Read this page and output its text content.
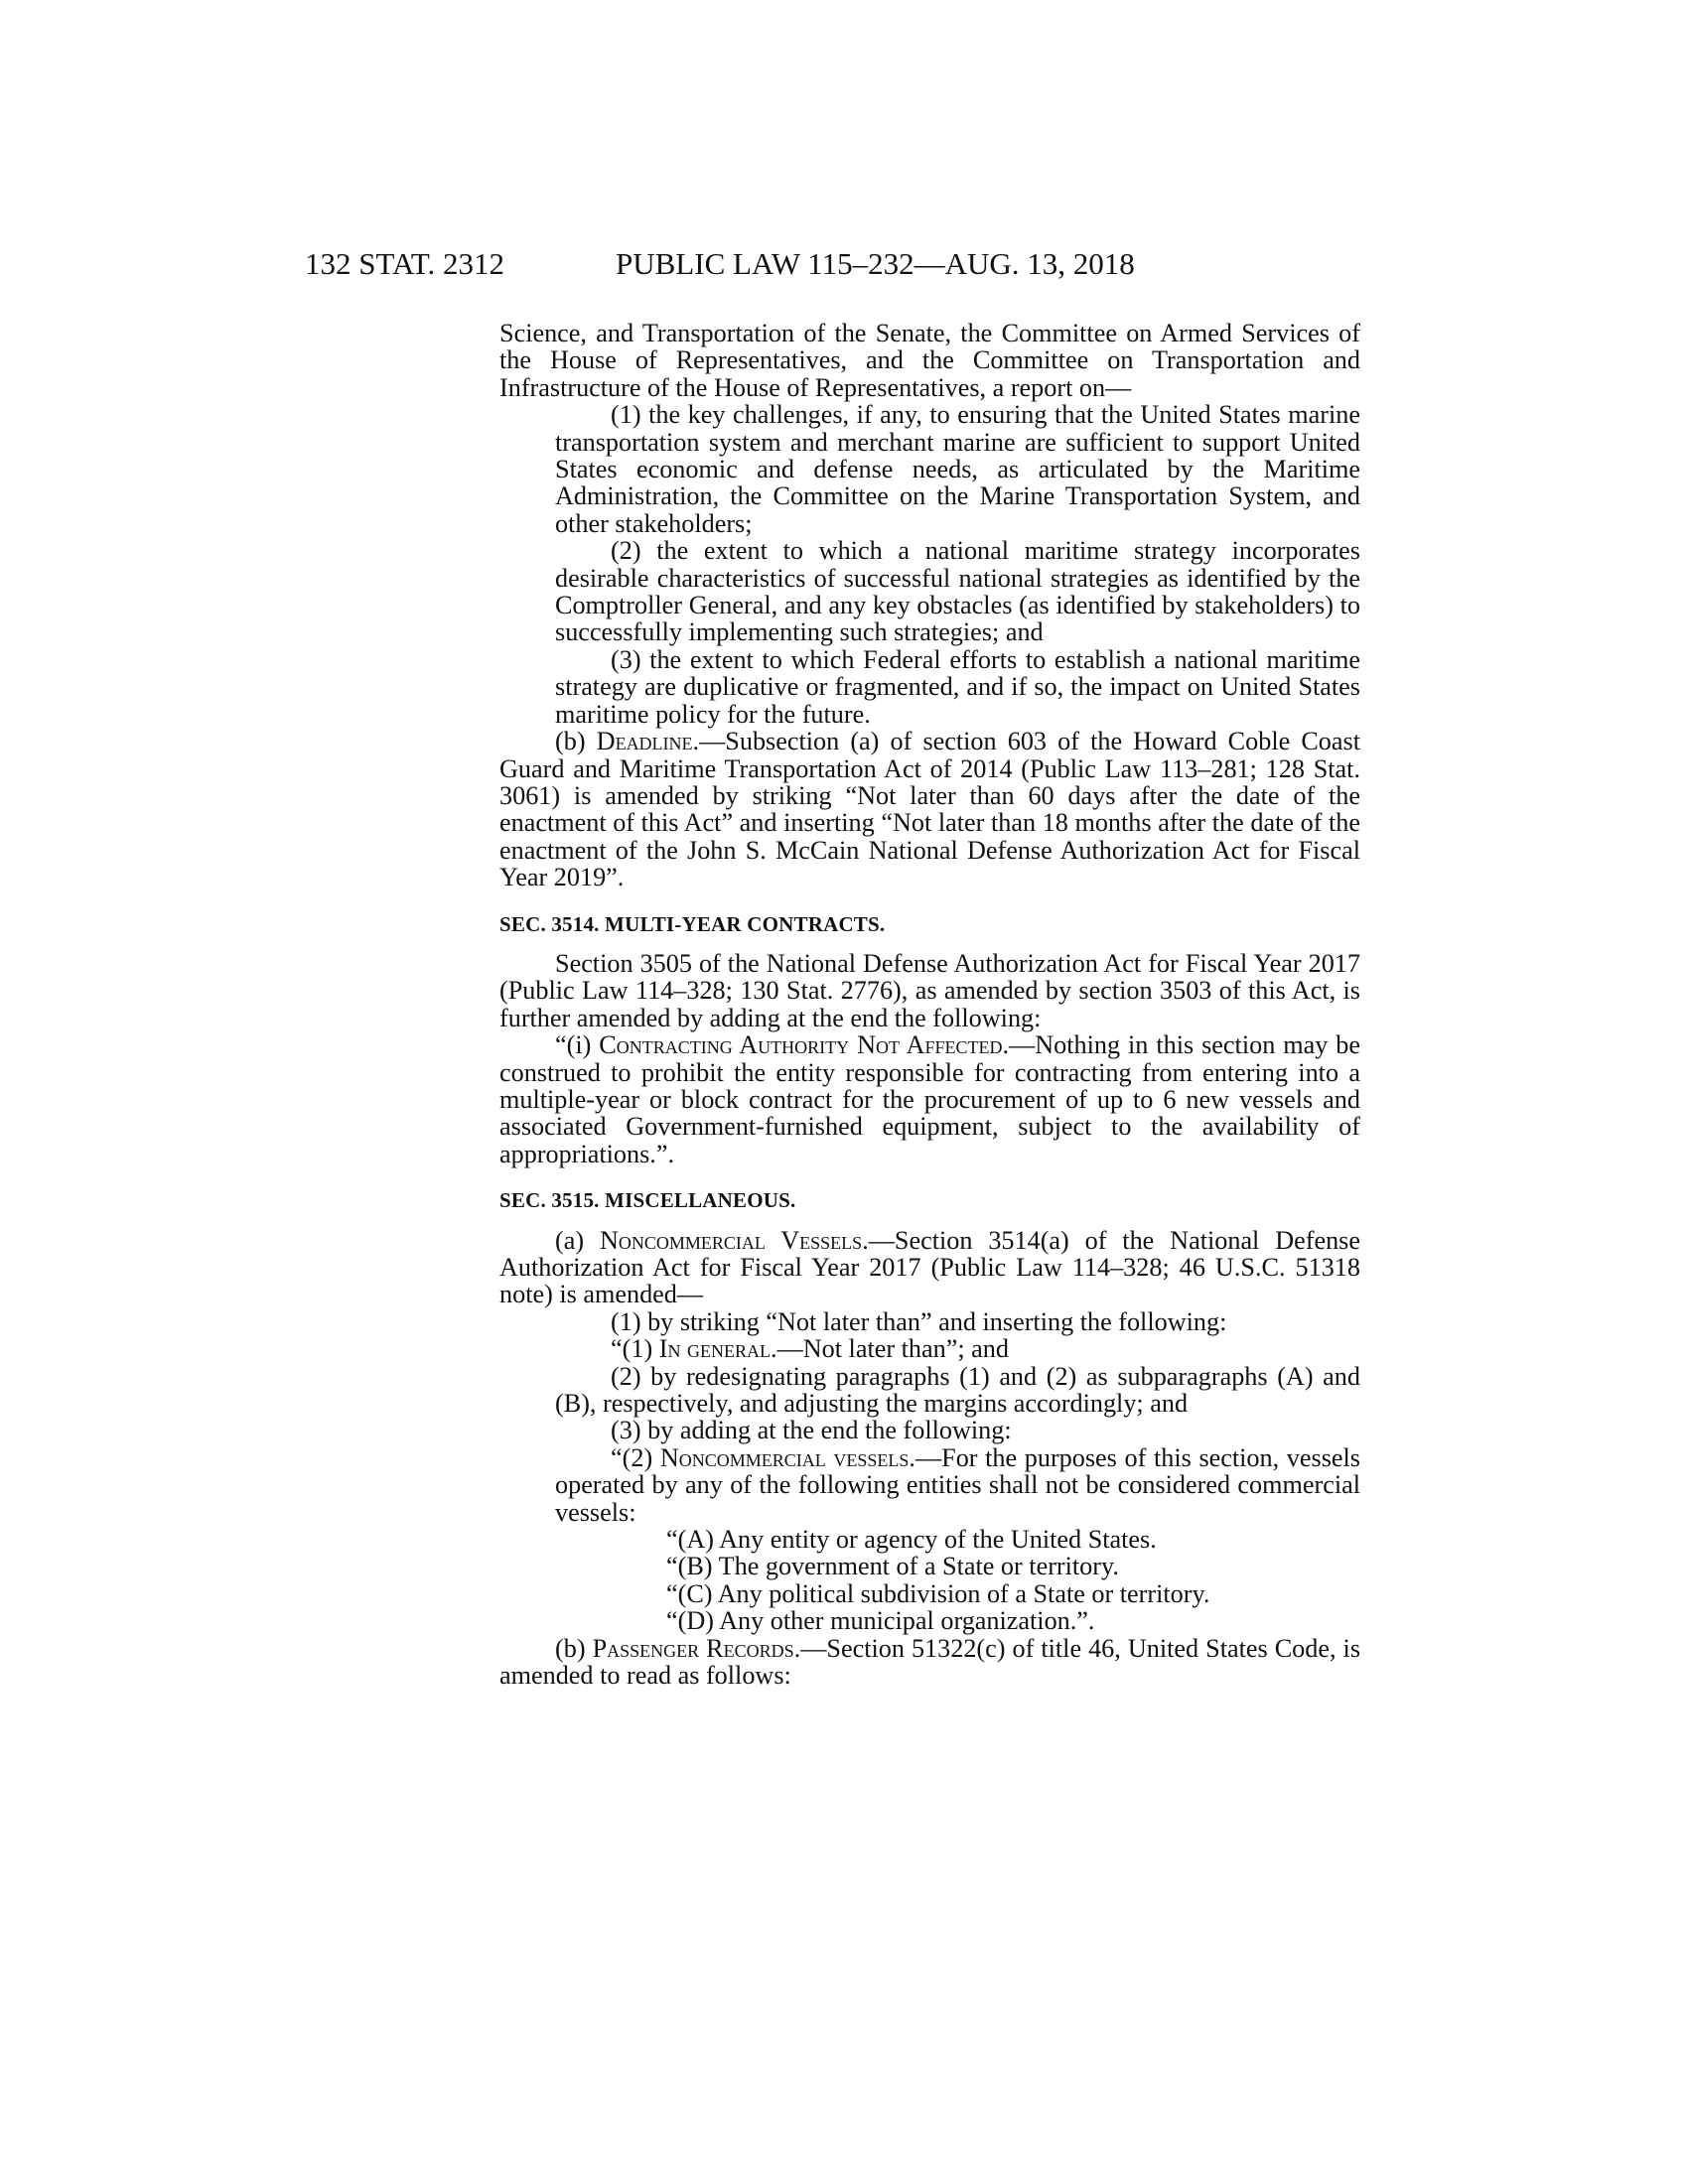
132 STAT. 2312	PUBLIC LAW 115–232—AUG. 13, 2018

Science, and Transportation of the Senate, the Committee on Armed Services of the House of Representatives, and the Committee on Transportation and Infrastructure of the House of Representatives, a report on—

(1) the key challenges, if any, to ensuring that the United States marine transportation system and merchant marine are sufficient to support United States economic and defense needs, as articulated by the Maritime Administration, the Committee on the Marine Transportation System, and other stakeholders;

(2) the extent to which a national maritime strategy incorporates desirable characteristics of successful national strategies as identified by the Comptroller General, and any key obstacles (as identified by stakeholders) to successfully implementing such strategies; and

(3) the extent to which Federal efforts to establish a national maritime strategy are duplicative or fragmented, and if so, the impact on United States maritime policy for the future.

(b) Deadline.—Subsection (a) of section 603 of the Howard Coble Coast Guard and Maritime Transportation Act of 2014 (Public Law 113–281; 128 Stat. 3061) is amended by striking “Not later than 60 days after the date of the enactment of this Act” and inserting “Not later than 18 months after the date of the enactment of the John S. McCain National Defense Authorization Act for Fiscal Year 2019”.

SEC. 3514. MULTI-YEAR CONTRACTS.

Section 3505 of the National Defense Authorization Act for Fiscal Year 2017 (Public Law 114–328; 130 Stat. 2776), as amended by section 3503 of this Act, is further amended by adding at the end the following:

“(i) Contracting Authority Not Affected.—Nothing in this section may be construed to prohibit the entity responsible for contracting from entering into a multiple-year or block contract for the procurement of up to 6 new vessels and associated Government-furnished equipment, subject to the availability of appropriations.”.

SEC. 3515. MISCELLANEOUS.

(a) Noncommercial Vessels.—Section 3514(a) of the National Defense Authorization Act for Fiscal Year 2017 (Public Law 114–328; 46 U.S.C. 51318 note) is amended—

(1) by striking “Not later than” and inserting the following:

“(1) In general.—Not later than”; and

(2) by redesignating paragraphs (1) and (2) as subparagraphs (A) and (B), respectively, and adjusting the margins accordingly; and

(3) by adding at the end the following:

“(2) Noncommercial vessels.—For the purposes of this section, vessels operated by any of the following entities shall not be considered commercial vessels:

“(A) Any entity or agency of the United States.

“(B) The government of a State or territory.

“(C) Any political subdivision of a State or territory.

“(D) Any other municipal organization.”.

(b) Passenger Records.—Section 51322(c) of title 46, United States Code, is amended to read as follows:
